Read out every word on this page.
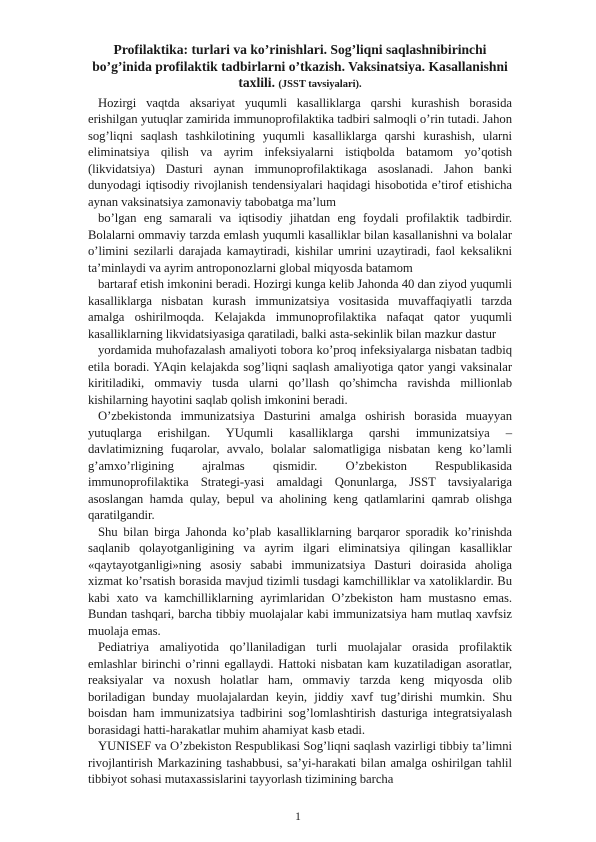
Profilaktika: turlari va ko’rinishlari. Sog’liqni saqlashnibirinchi bo’g’inida profilaktik tadbirlarni o’tkazish. Vaksinatsiya. Kasallanishni taxlili. (JSST tavsiyalari).

Hozirgi vaqtda aksariyat yuqumli kasalliklarga qarshi kurashish borasida erishilgan yutuqlar zamirida immunoprofilaktika tadbiri salmoqli o’rin tutadi. Jahon sog’liqni saqlash tashkilotining yuqumli kasalliklarga qarshi kurashish, ularni eliminatsiya qilish va ayrim infeksiyalarni istiqbolda batamom yo’qotish (likvidatsiya) Dasturi aynan immunoprofilaktikaga asoslanadi. Jahon banki dunyodagi iqtisodiy rivojlanish tendensiyalari haqidagi hisobotida e’tirof etishicha aynan vaksinatsiya zamonaviy tabobatga ma’lum

bo’lgan eng samarali va iqtisodiy jihatdan eng foydali profilaktik tadbirdir. Bolalarni ommaviy tarzda emlash yuqumli kasalliklar bilan kasallanishni va bolalar o’limini sezilarli darajada kamaytiradi, kishilar umrini uzaytiradi, faol keksalikni ta’minlaydi va ayrim antroponozlarni global miqyosda batamom

bartaraf etish imkonini beradi. Hozirgi kunga kelib Jahonda 40 dan ziyod yuqumli kasalliklarga nisbatan kurash immunizatsiya vositasida muvaffaqiyatli tarzda amalga oshirilmoqda. Kelajakda immunoprofilaktika nafaqat qator yuqumli kasalliklarning likvidatsiyasiga qaratiladi, balki asta-sekinlik bilan mazkur dastur

yordamida muhofazalash amaliyoti tobora ko’proq infeksiyalarga nisbatan tadbiq etila boradi. YAqin kelajakda sog’liqni saqlash amaliyotiga qator yangi vaksinalar kiritiladiki, ommaviy tusda ularni qo’llash qo’shimcha ravishda millionlab kishilarning hayotini saqlab qolish imkonini beradi.

O’zbekistonda immunizatsiya Dasturini amalga oshirish borasida muayyan yutuqlarga erishilgan. YUqumli kasalliklarga qarshi immunizatsiya – davlatimizning fuqarolar, avvalo, bolalar salomatligiga nisbatan keng ko’lamli g’amxo’rligining ajralmas qismidir. O’zbekiston Respublikasida immunoprofilaktika Strategi-yasi amaldagi Qonunlarga, JSST tavsiyalariga asoslangan hamda qulay, bepul va aholining keng qatlamlarini qamrab olishga qaratilgandir.

Shu bilan birga Jahonda ko’plab kasalliklarning barqaror sporadik ko’rinishda saqlanib qolayotganligining va ayrim ilgari eliminatsiya qilingan kasalliklar «qaytayotganligi»ning asosiy sababi immunizatsiya Dasturi doirasida aholiga xizmat ko’rsatish borasida mavjud tizimli tusdagi kamchilliklar va xatoliklardir. Bu kabi xato va kamchilliklarning ayrimlaridan O’zbekiston ham mustasno emas. Bundan tashqari, barcha tibbiy muolajalar kabi immunizatsiya ham mutlaq xavfsiz muolaja emas.

Pediatriya amaliyotida qo’llaniladigan turli muolajalar orasida profilaktik emlashlar birinchi o’rinni egallaydi. Hattoki nisbatan kam kuzatiladigan asoratlar, reaksiyalar va noxush holatlar ham, ommaviy tarzda keng miqyosda olib boriladigan bunday muolajalardan keyin, jiddiy xavf tug’dirishi mumkin. Shu boisdan ham immunizatsiya tadbirini sog’lomlashtirish dasturiga integratsiyalash borasidagi hatti-harakatlar muhim ahamiyat kasb etadi.

YUNISEF va O’zbekiston Respublikasi Sog’liqni saqlash vazirligi tibbiy ta’limni rivojlantirish Markazining tashabbusi, sa’yi-harakati bilan amalga oshirilgan tahlil tibbiyot sohasi mutaxassislarini tayyorlash tizimining barcha

1
